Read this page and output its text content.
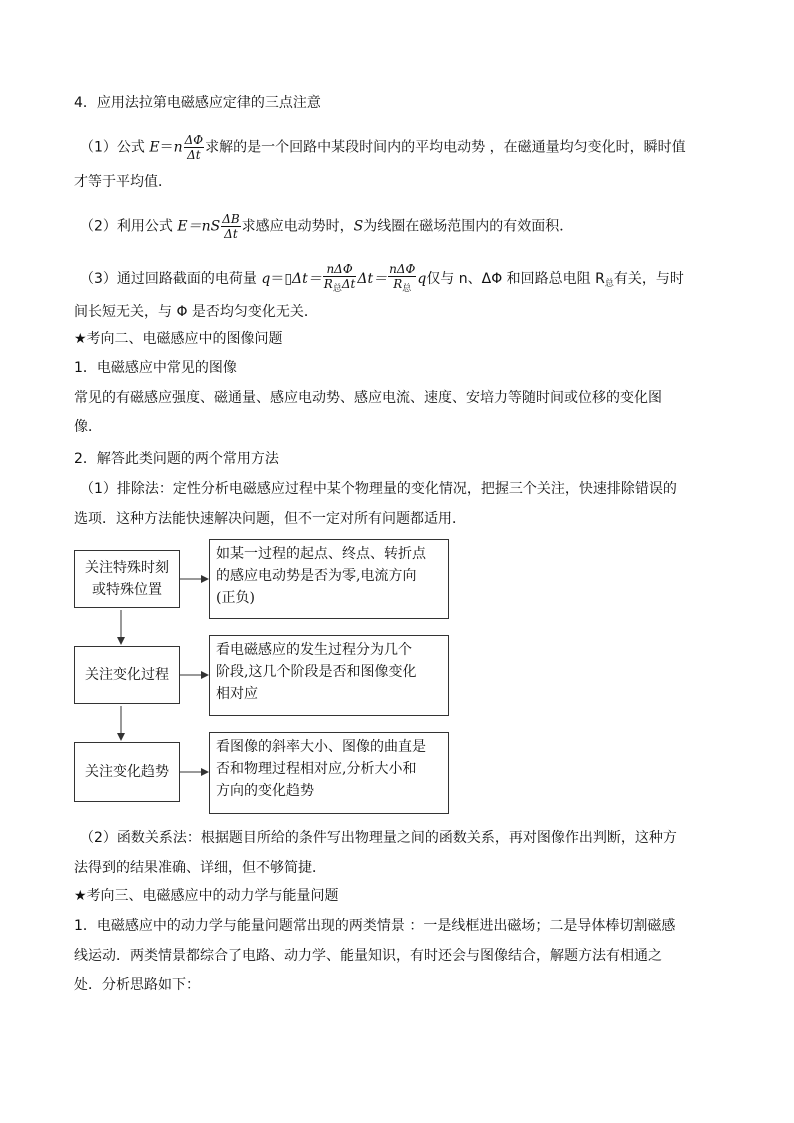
4．应用法拉第电磁感应定律的三点注意
（1）公式 $E=n \frac{\Delta\Phi}{\Delta t}$ 求解的是一个回路中某段时间内的平均电动势 ，在磁通量均匀变化时，瞬时值
才等于平均值．
（2）利用公式 $E=nS \frac{\Delta B}{\Delta t}$ 求感应电动势时，S为线圈在磁场范围内的有效面积．
（3）通过回路截面的电荷量 q＝▯Δt＝ $\frac{\text{nΔΦ}}{R_总\Delta t} \Delta t= \frac{\text{nΔΦ}}{R_总}$ q仅与 n、ΔΦ 和回路总电阻 $R_总$有关，与时
间长短无关，与 Φ 是否均匀变化无关．
★考向二、电磁感应中的图像问题
1．电磁感应中常见的图像
常见的有磁感应强度、磁通量、感应电动势、感应电流、速度、安培力等随时间或位移的变化图
像．
2．解答此类问题的两个常用方法
（1）排除法：定性分析电磁感应过程中某个物理量的变化情况，把握三个关注，快速排除错误的
选项．这种方法能快速解决问题，但不一定对所有问题都适用．
关注特殊时刻
或特殊位置
如某一过程的起点、终点、转折点
的感应电动势是否为零,电流方向
(正负)
关注变化过程
看电磁感应的发生过程分为几个
阶段,这几个阶段是否和图像变化
相对应
关注变化趋势
看图像的斜率大小、图像的曲直是
否和物理过程相对应,分析大小和
方向的变化趋势
（2）函数关系法：根据题目所给的条件写出物理量之间的函数关系，再对图像作出判断，这种方
法得到的结果准确、详细，但不够简捷．
★考向三、电磁感应中的动力学与能量问题
1．电磁感应中的动力学与能量问题常出现的两类情景 ：一是线框进出磁场；二是导体棒切割磁感
线运动．两类情景都综合了电路、动力学、能量知识，有时还会与图像结合，解题方法有相通之
处．分析思路如下：
